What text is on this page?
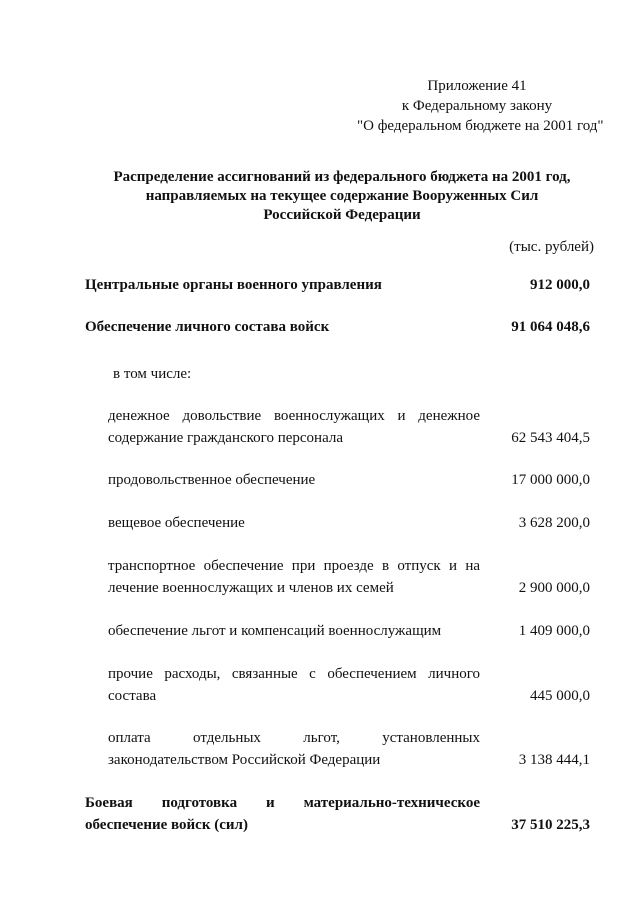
Приложение 41
к Федеральному закону
"О федеральном бюджете на 2001 год"
Распределение ассигнований из федерального бюджета на 2001 год,
направляемых на текущее содержание Вооруженных Сил
Российской Федерации
(тыс. рублей)
Центральные органы военного управления	912 000,0
Обеспечение личного состава войск	91 064 048,6
в том числе:
денежное довольствие военнослужащих и денежное содержание гражданского персонала	62 543 404,5
продовольственное обеспечение	17 000 000,0
вещевое обеспечение	3 628 200,0
транспортное обеспечение при проезде в отпуск и на лечение военнослужащих и членов их семей	2 900 000,0
обеспечение льгот и компенсаций военнослужащим	1 409 000,0
прочие расходы, связанные с обеспечением личного состава	445 000,0
оплата отдельных льгот, установленных законодательством Российской Федерации	3 138 444,1
Боевая подготовка и материально-техническое обеспечение войск (сил)	37 510 225,3
